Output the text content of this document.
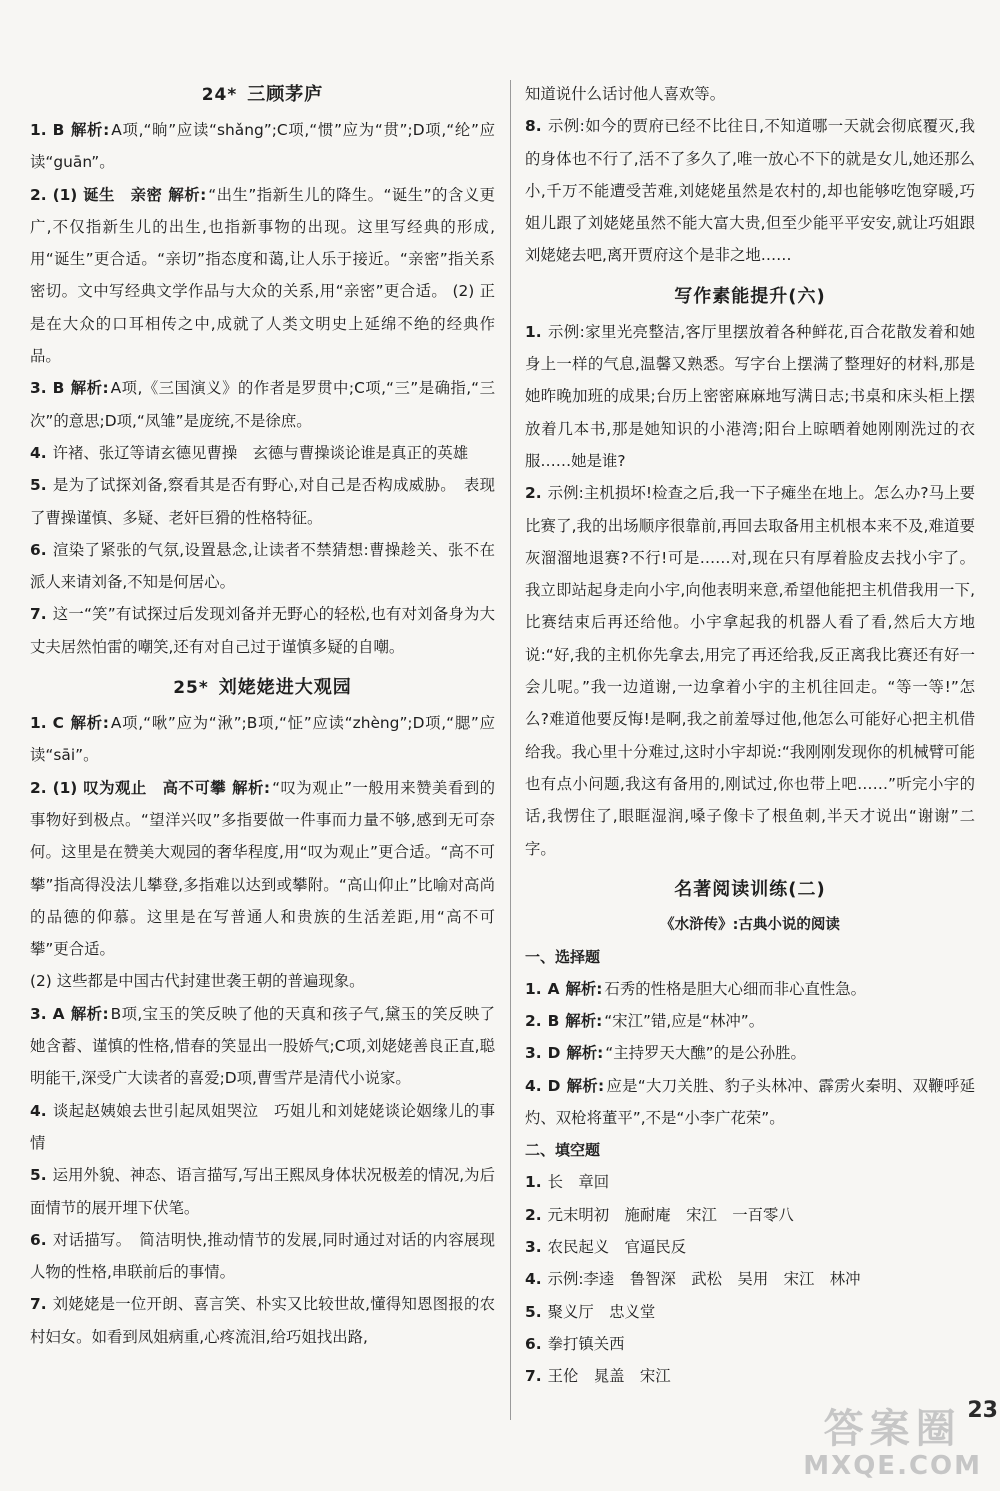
24* 三顾茅庐

1. B 解析: A项,“晌”应读“shǎng”;C项,“惯”应为“贯”;D项,“纶”应读“guān”。

2. (1) 诞生　亲密 解析: “出生”指新生儿的降生。“诞生”的含义更广,不仅指新生儿的出生,也指新事物的出现。这里写经典的形成,用“诞生”更合适。“亲切”指态度和蔼,让人乐于接近。“亲密”指关系密切。文中写经典文学作品与大众的关系,用“亲密”更合适。 (2) 正是在大众的口耳相传之中,成就了人类文明史上延绵不绝的经典作品。

3. B 解析: A项,《三国演义》的作者是罗贯中;C项,“三”是确指,“三次”的意思;D项,“凤雏”是庞统,不是徐庶。

4. 许褚、张辽等请玄德见曹操　玄德与曹操谈论谁是真正的英雄

5. 是为了试探刘备,察看其是否有野心,对自己是否构成威胁。　表现了曹操谨慎、多疑、老奸巨猾的性格特征。

6. 渲染了紧张的气氛,设置悬念,让读者不禁猜想:曹操趁关、张不在派人来请刘备,不知是何居心。

7. 这一“笑”有试探过后发现刘备并无野心的轻松,也有对刘备身为大丈夫居然怕雷的嘲笑,还有对自己过于谨慎多疑的自嘲。

25* 刘姥姥进大观园

1. C 解析: A项,“啾”应为“湫”;B项,“怔”应读“zhèng”;D项,“腮”应读“sāi”。

2. (1) 叹为观止　高不可攀 解析: “叹为观止”一般用来赞美看到的事物好到极点。“望洋兴叹”多指要做一件事而力量不够,感到无可奈何。这里是在赞美大观园的奢华程度,用“叹为观止”更合适。“高不可攀”指高得没法儿攀登,多指难以达到或攀附。“高山仰止”比喻对高尚的品德的仰慕。这里是在写普通人和贵族的生活差距,用“高不可攀”更合适。

(2) 这些都是中国古代封建世袭王朝的普遍现象。

3. A 解析: B项,宝玉的笑反映了他的天真和孩子气,黛玉的笑反映了她含蓄、谨慎的性格,惜春的笑显出一股娇气;C项,刘姥姥善良正直,聪明能干,深受广大读者的喜爱;D项,曹雪芹是清代小说家。

4. 谈起赵姨娘去世引起凤姐哭泣　巧姐儿和刘姥姥谈论姻缘儿的事情

5. 运用外貌、神态、语言描写,写出王熙凤身体状况极差的情况,为后面情节的展开埋下伏笔。

6. 对话描写。　简洁明快,推动情节的发展,同时通过对话的内容展现人物的性格,串联前后的事情。

7. 刘姥姥是一位开朗、喜言笑、朴实又比较世故,懂得知恩图报的农村妇女。如看到凤姐病重,心疼流泪,给巧姐找出路,

知道说什么话讨他人喜欢等。

8. 示例:如今的贾府已经不比往日,不知道哪一天就会彻底覆灭,我的身体也不行了,活不了多久了,唯一放心不下的就是女儿,她还那么小,千万不能遭受苦难,刘姥姥虽然是农村的,却也能够吃饱穿暖,巧姐儿跟了刘姥姥虽然不能大富大贵,但至少能平平安安,就让巧姐跟刘姥姥去吧,离开贾府这个是非之地……

写作素能提升(六)

1. 示例:家里光亮整洁,客厅里摆放着各种鲜花,百合花散发着和她身上一样的气息,温馨又熟悉。写字台上摆满了整理好的材料,那是她昨晚加班的成果;台历上密密麻麻地写满日志;书桌和床头柜上摆放着几本书,那是她知识的小港湾;阳台上晾晒着她刚刚洗过的衣服……她是谁?

2. 示例:主机损坏!检查之后,我一下子瘫坐在地上。怎么办?马上要比赛了,我的出场顺序很靠前,再回去取备用主机根本来不及,难道要灰溜溜地退赛?不行!可是……对,现在只有厚着脸皮去找小宇了。我立即站起身走向小宇,向他表明来意,希望他能把主机借我用一下,比赛结束后再还给他。小宇拿起我的机器人看了看,然后大方地说:“好,我的主机你先拿去,用完了再还给我,反正离我比赛还有好一会儿呢。”我一边道谢,一边拿着小宇的主机往回走。“等一等!”怎么?难道他要反悔!是啊,我之前羞辱过他,他怎么可能好心把主机借给我。我心里十分难过,这时小宇却说:“我刚刚发现你的机械臂可能也有点小问题,我这有备用的,刚试过,你也带上吧……”听完小宇的话,我愣住了,眼眶湿润,嗓子像卡了根鱼刺,半天才说出“谢谢”二字。

名著阅读训练(二)
《水浒传》:古典小说的阅读
一、选择题

1. A 解析: 石秀的性格是胆大心细而非心直性急。

2. B 解析: “宋江”错,应是“林冲”。

3. D 解析: “主持罗天大醮”的是公孙胜。

4. D 解析: 应是“大刀关胜、豹子头林冲、霹雳火秦明、双鞭呼延灼、双枪将董平”,不是“小李广花荣”。

二、填空题

1. 长　章回

2. 元末明初　施耐庵　宋江　一百零八

3. 农民起义　官逼民反

4. 示例:李逵　鲁智深　武松　吴用　宋江　林冲

5. 聚义厅　忠义堂

6. 拳打镇关西

7. 王伦　晁盖　宋江

23
答案圈
MXQE.COM
